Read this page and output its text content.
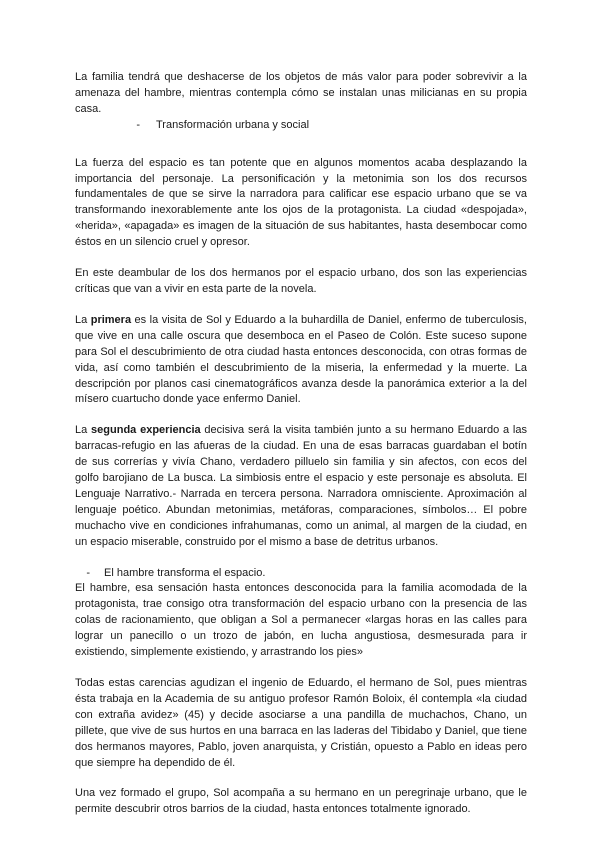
La familia tendrá que deshacerse de los objetos de más valor para poder sobrevivir a la amenaza del hambre, mientras contempla cómo se instalan unas milicianas en su propia casa.

-	Transformación urbana y social

La fuerza del espacio es tan potente que en algunos momentos acaba desplazando la importancia del personaje. La personificación y la metonimia son los dos recursos fundamentales de que se sirve la narradora para calificar ese espacio urbano que se va transformando inexorablemente ante los ojos de la protagonista. La ciudad «despojada», «herida», «apagada» es imagen de la situación de sus habitantes, hasta desembocar como éstos en un silencio cruel y opresor.

En este deambular de los dos hermanos por el espacio urbano, dos son las experiencias críticas que van a vivir en esta parte de la novela.

La primera es la visita de Sol y Eduardo a la buhardilla de Daniel, enfermo de tuberculosis, que vive en una calle oscura que desemboca en el Paseo de Colón. Este suceso supone para Sol el descubrimiento de otra ciudad hasta entonces desconocida, con otras formas de vida, así como también el descubrimiento de la miseria, la enfermedad y la muerte. La descripción por planos casi cinematográficos avanza desde la panorámica exterior a la del mísero cuartucho donde yace enfermo Daniel.

La segunda experiencia decisiva será la visita también junto a su hermano Eduardo a las barracas-refugio en las afueras de la ciudad. En una de esas barracas guardaban el botín de sus correrías y vivía Chano, verdadero pilluelo sin familia y sin afectos, con ecos del golfo barojiano de La busca. La simbiosis entre el espacio y este personaje es absoluta. El Lenguaje Narrativo.- Narrada en tercera persona. Narradora omnisciente. Aproximación al lenguaje poético. Abundan metonimias, metáforas, comparaciones, símbolos… El pobre muchacho vive en condiciones infrahumanas, como un animal, al margen de la ciudad, en un espacio miserable, construido por el mismo a base de detritus urbanos.

-	El hambre transforma el espacio.

El hambre, esa sensación hasta entonces desconocida para la familia acomodada de la protagonista, trae consigo otra transformación del espacio urbano con la presencia de las colas de racionamiento, que obligan a Sol a permanecer «largas horas en las calles para lograr un panecillo o un trozo de jabón, en lucha angustiosa, desmesurada para ir existiendo, simplemente existiendo, y arrastrando los pies»

Todas estas carencias agudizan el ingenio de Eduardo, el hermano de Sol, pues mientras ésta trabaja en la Academia de su antiguo profesor Ramón Boloix, él contempla «la ciudad con extraña avidez» (45) y decide asociarse a una pandilla de muchachos, Chano, un pillete, que vive de sus hurtos en una barraca en las laderas del Tibidabo y Daniel, que tiene dos hermanos mayores, Pablo, joven anarquista, y Cristián, opuesto a Pablo en ideas pero que siempre ha dependido de él.

Una vez formado el grupo, Sol acompaña a su hermano en un peregrinaje urbano, que le permite descubrir otros barrios de la ciudad, hasta entonces totalmente ignorado.
